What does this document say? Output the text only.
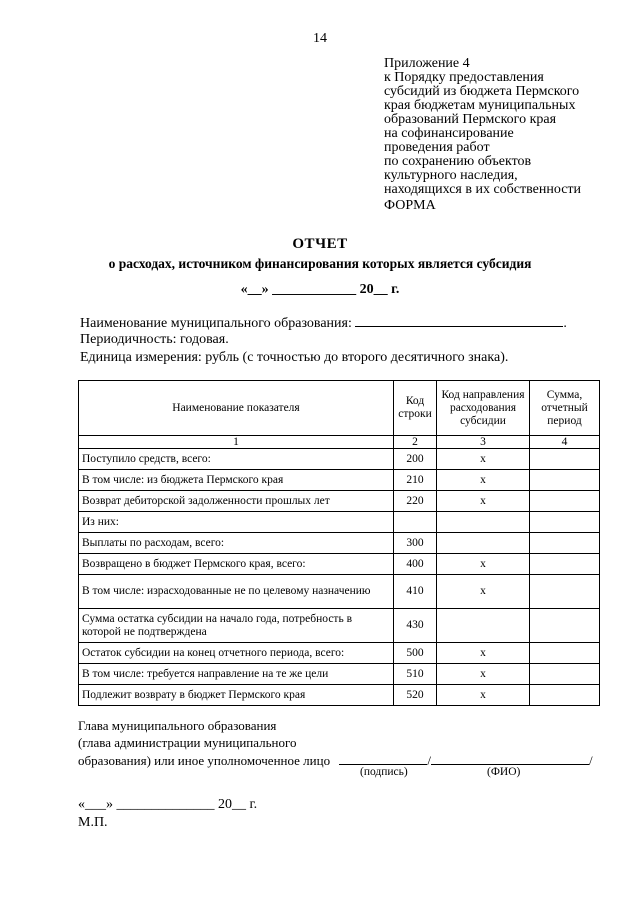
14
Приложение 4
к Порядку предоставления
субсидий из бюджета Пермского
края бюджетам муниципальных
образований Пермского края
на софинансирование
проведения работ
по сохранению объектов
культурного наследия,
находящихся в их собственности
ФОРМА
ОТЧЕТ
о расходах, источником финансирования которых является субсидия
«__» ____________ 20__ г.
Наименование муниципального образования:	.
Периодичность: годовая.
Единица измерения: рубль (с точностью до второго десятичного знака).
Наименование показателя	Код строки	Код направления расходования субсидии	Сумма, отчетный период
1	2	3	4
Поступило средств, всего:	200	x	
В том числе: из бюджета Пермского края	210	x	
Возврат дебиторской задолженности прошлых лет	220	x	
Из них:			
Выплаты по расходам, всего:	300		
Возвращено в бюджет Пермского края, всего:	400	x	
В том числе: израсходованные не по целевому назначению	410	x	
Сумма остатка субсидии на начало года, потребность в которой не подтверждена	430		
Остаток субсидии на конец отчетного периода, всего:	500	x	
В том числе: требуется направление на те же цели	510	x	
Подлежит возврату в бюджет Пермского края	520	x	
Глава муниципального образования
(глава администрации муниципального
образования) или иное уполномоченное лицо	/	/
(подпись)	(ФИО)
«___» ______________ 20__ г.
М.П.
